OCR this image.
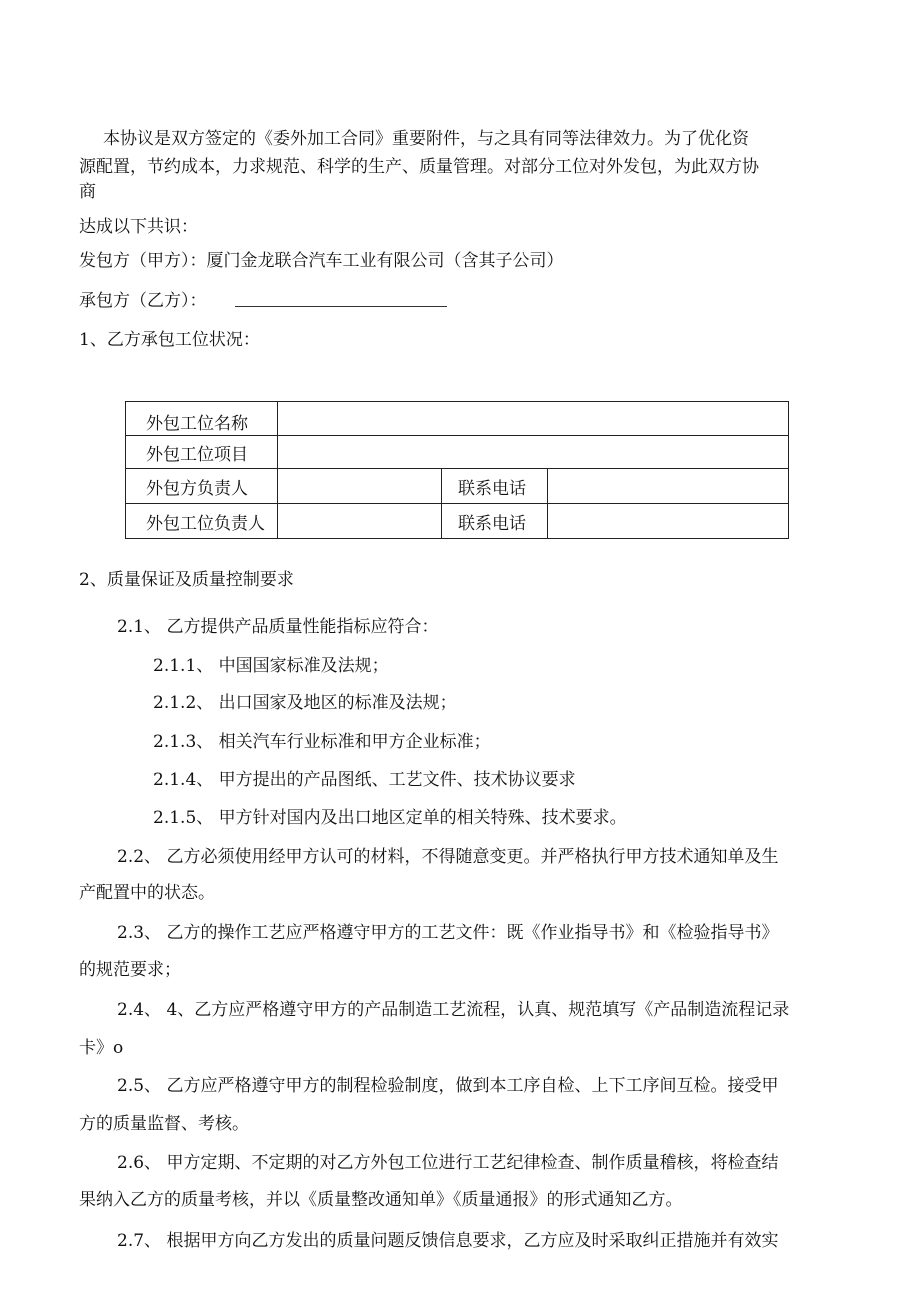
本协议是双方签定的《委外加工合同》重要附件，与之具有同等法律效力。为了优化资
源配置，节约成本，力求规范、科学的生产、质量管理。对部分工位对外发包，为此双方协
商
达成以下共识：
发包方（甲方）：厦门金龙联合汽车工业有限公司（含其子公司）
承包方（乙方）：
1、乙方承包工位状况：
外包工位名称			
外包工位项目			
外包方负责人		联系电话	
外包工位负责人		联系电话	
2、质量保证及质量控制要求
2.1、 乙方提供产品质量性能指标应符合：
2.1.1、 中国国家标准及法规；
2.1.2、 出口国家及地区的标准及法规；
2.1.3、 相关汽车行业标准和甲方企业标准；
2.1.4、 甲方提出的产品图纸、工艺文件、技术协议要求
2.1.5、 甲方针对国内及出口地区定单的相关特殊、技术要求。
2.2、 乙方必须使用经甲方认可的材料，不得随意变更。并严格执行甲方技术通知单及生
产配置中的状态。
2.3、 乙方的操作工艺应严格遵守甲方的工艺文件：既《作业指导书》和《检验指导书》
的规范要求；
2.4、 4、乙方应严格遵守甲方的产品制造工艺流程，认真、规范填写《产品制造流程记录
卡》o
2.5、 乙方应严格遵守甲方的制程检验制度，做到本工序自检、上下工序间互检。接受甲
方的质量监督、考核。
2.6、 甲方定期、不定期的对乙方外包工位进行工艺纪律检查、制作质量稽核，将检查结
果纳入乙方的质量考核，并以《质量整改通知单》《质量通报》的形式通知乙方。
2.7、 根据甲方向乙方发出的质量问题反馈信息要求，乙方应及时采取纠正措施并有效实
